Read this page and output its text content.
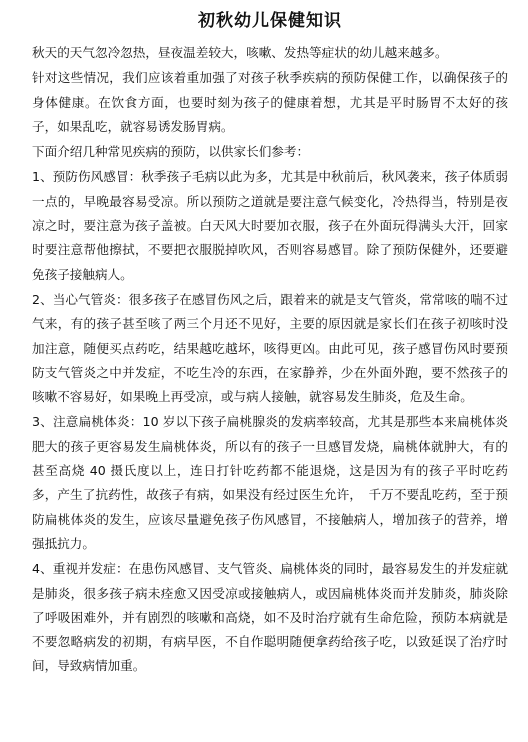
初秋幼儿保健知识

秋天的天气忽冷忽热，昼夜温差较大，咳嗽、发热等症状的幼儿越来越多。

针对这些情况，我们应该着重加强了对孩子秋季疾病的预防保健工作，以确保孩子的身体健康。在饮食方面，也要时刻为孩子的健康着想，尤其是平时肠胃不太好的孩子，如果乱吃，就容易诱发肠胃病。

下面介绍几种常见疾病的预防，以供家长们参考：

1、预防伤风感冒：秋季孩子毛病以此为多，尤其是中秋前后，秋风袭来，孩子体质弱一点的，早晚最容易受凉。所以预防之道就是要注意气候变化，冷热得当，特别是夜凉之时，要注意为孩子盖被。白天风大时要加衣服，孩子在外面玩得满头大汗，回家时要注意帮他擦拭，不要把衣服脱掉吹风，否则容易感冒。除了预防保健外，还要避免孩子接触病人。

2、当心气管炎：很多孩子在感冒伤风之后，跟着来的就是支气管炎，常常咳的喘不过气来，有的孩子甚至咳了两三个月还不见好，主要的原因就是家长们在孩子初咳时没加注意，随便买点药吃，结果越吃越坏，咳得更凶。由此可见，孩子感冒伤风时要预防支气管炎之中并发症，不吃生冷的东西，在家静养，少在外面外跑，要不然孩子的咳嗽不容易好，如果晚上再受凉，或与病人接触，就容易发生肺炎，危及生命。

3、注意扁桃体炎：10 岁以下孩子扁桃腺炎的发病率较高，尤其是那些本来扁桃体炎肥大的孩子更容易发生扁桃体炎，所以有的孩子一旦感冒发烧，扁桃体就肿大，有的甚至高烧 40 摄氏度以上，连日打针吃药都不能退烧，这是因为有的孩子平时吃药多，产生了抗药性，故孩子有病，如果没有经过医生允许，　千万不要乱吃药，至于预防扁桃体炎的发生，应该尽量避免孩子伤风感冒，不接触病人，增加孩子的营养，增强抵抗力。

4、重视并发症：在患伤风感冒、支气管炎、扁桃体炎的同时，最容易发生的并发症就是肺炎，很多孩子病未痊愈又因受凉或接触病人，或因扁桃体炎而并发肺炎，肺炎除了呼吸困难外，并有剧烈的咳嗽和高烧，如不及时治疗就有生命危险，预防本病就是不要忽略病发的初期，有病早医，不自作聪明随便拿药给孩子吃，以致延误了治疗时间，导致病情加重。
